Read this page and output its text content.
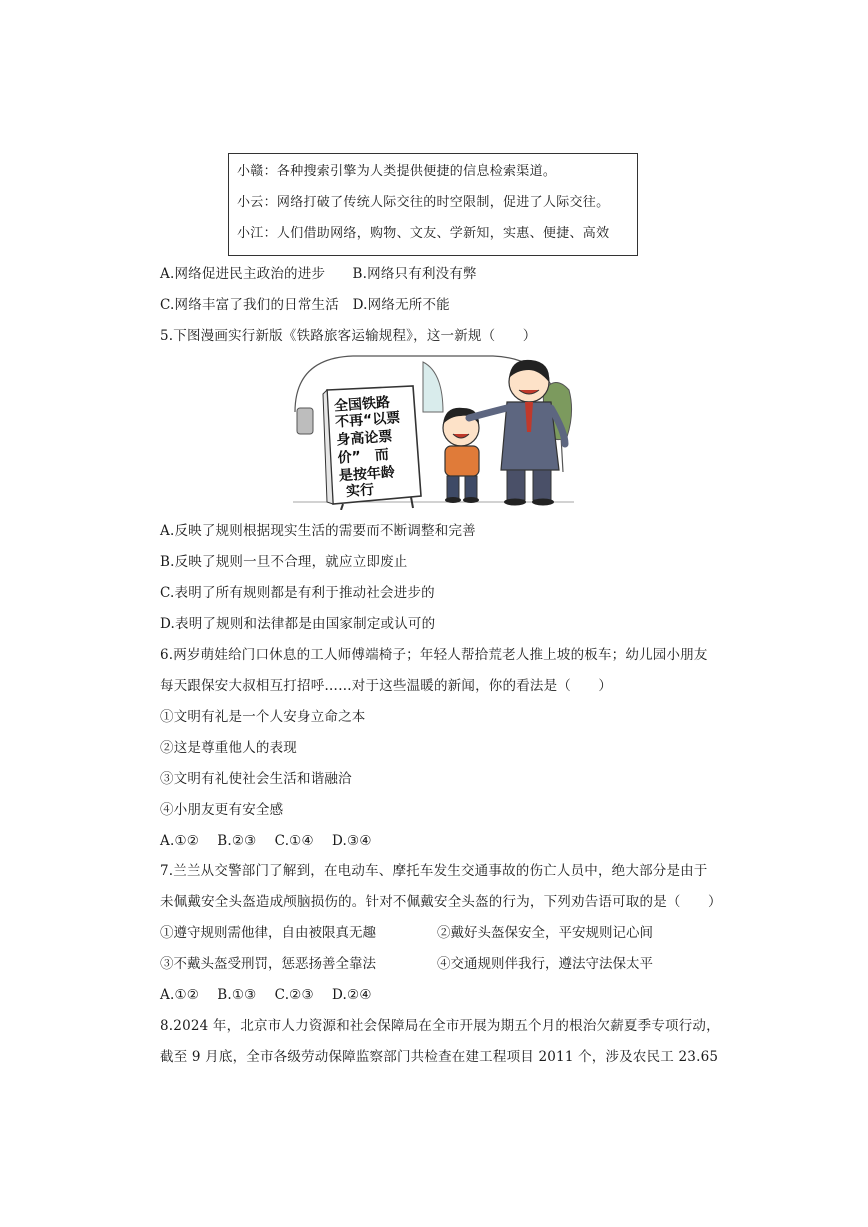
小赣：各种搜索引擎为人类提供便捷的信息检索渠道。
小云：网络打破了传统人际交往的时空限制，促进了人际交往。
小江：人们借助网络，购物、文友、学新知，实惠、便捷、高效
A.网络促进民主政治的进步　　B.网络只有利没有弊
C.网络丰富了我们的日常生活　D.网络无所不能
5.下图漫画实行新版《铁路旅客运输规程》，这一新规（　　）
全国铁路
不再“以票
身高论票
价”　而
是按年龄
实行
A.反映了规则根据现实生活的需要而不断调整和完善
B.反映了规则一旦不合理，就应立即废止
C.表明了所有规则都是有利于推动社会进步的
D.表明了规则和法律都是由国家制定或认可的
6.两岁萌娃给门口休息的工人师傅端椅子；年轻人帮拾荒老人推上坡的板车；幼儿园小朋友
每天跟保安大叔相互打招呼……对于这些温暖的新闻，你的看法是（　　）
①文明有礼是一个人安身立命之本
②这是尊重他人的表现
③文明有礼使社会生活和谐融洽
④小朋友更有安全感
A.①②　 B.②③　 C.①④　 D.③④
7.兰兰从交警部门了解到，在电动车、摩托车发生交通事故的伤亡人员中，绝大部分是由于
未佩戴安全头盔造成颅脑损伤的。针对不佩戴安全头盔的行为，下列劝告语可取的是（　　）
①遵守规则需他律，自由被限真无趣	②戴好头盔保安全，平安规则记心间
③不戴头盔受刑罚，惩恶扬善全靠法	④交通规则伴我行，遵法守法保太平
A.①②　 B.①③　 C.②③　 D.②④
8.2024 年，北京市人力资源和社会保障局在全市开展为期五个月的根治欠薪夏季专项行动，
截至 9 月底，全市各级劳动保障监察部门共检查在建工程项目 2011 个，涉及农民工 23.65
